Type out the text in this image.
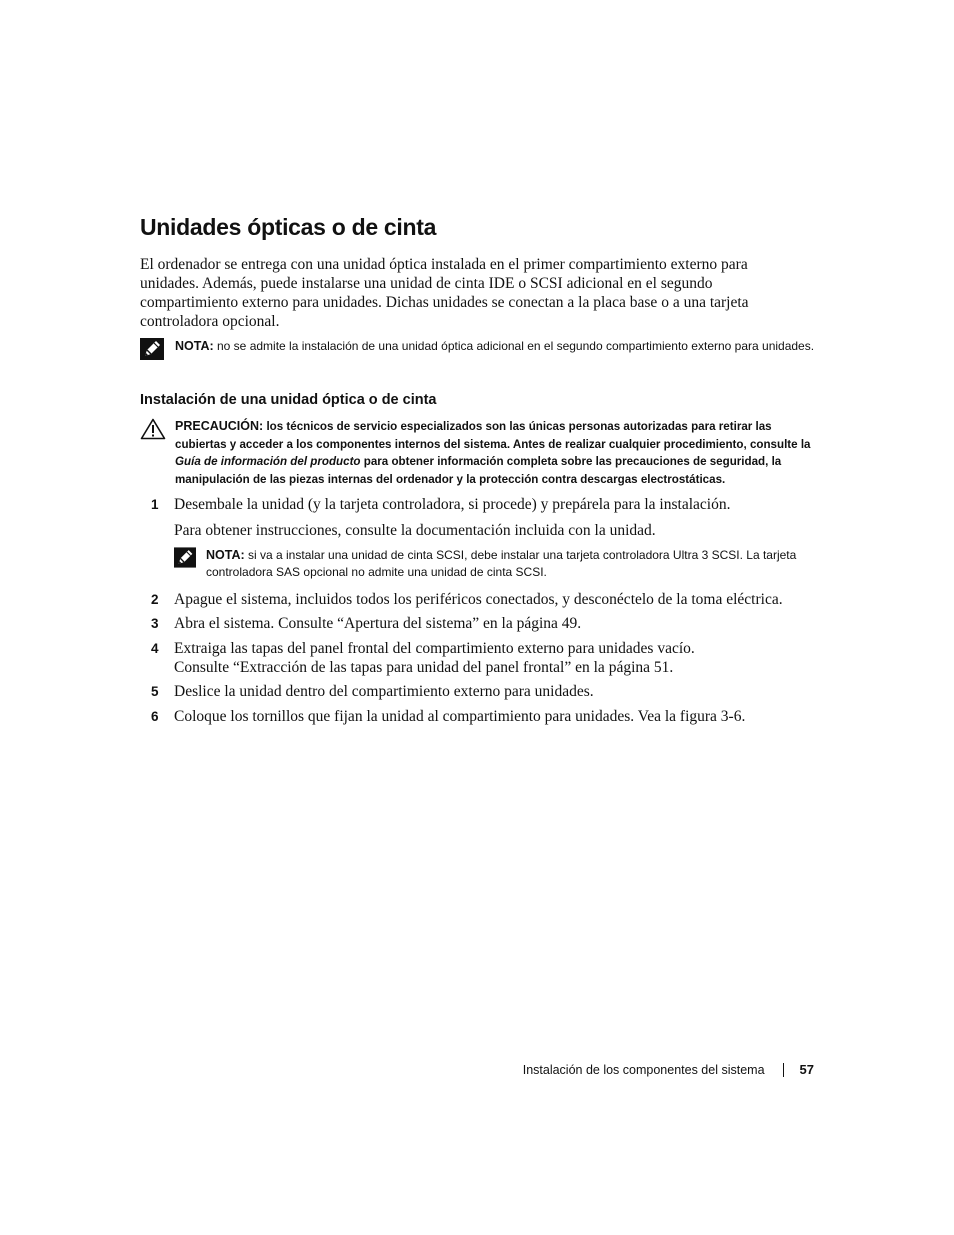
Unidades ópticas o de cinta

El ordenador se entrega con una unidad óptica instalada en el primer compartimiento externo para unidades. Además, puede instalarse una unidad de cinta IDE o SCSI adicional en el segundo compartimiento externo para unidades. Dichas unidades se conectan a la placa base o a una tarjeta controladora opcional.

NOTA: no se admite la instalación de una unidad óptica adicional en el segundo compartimiento externo para unidades.

Instalación de una unidad óptica o de cinta

PRECAUCIÓN: los técnicos de servicio especializados son las únicas personas autorizadas para retirar las cubiertas y acceder a los componentes internos del sistema. Antes de realizar cualquier procedimiento, consulte la Guía de información del producto para obtener información completa sobre las precauciones de seguridad, la manipulación de las piezas internas del ordenador y la protección contra descargas electrostáticas.

1 Desembale la unidad (y la tarjeta controladora, si procede) y prepárela para la instalación.

Para obtener instrucciones, consulte la documentación incluida con la unidad.

NOTA: si va a instalar una unidad de cinta SCSI, debe instalar una tarjeta controladora Ultra 3 SCSI. La tarjeta controladora SAS opcional no admite una unidad de cinta SCSI.

2 Apague el sistema, incluidos todos los periféricos conectados, y desconéctelo de la toma eléctrica.

3 Abra el sistema. Consulte “Apertura del sistema” en la página 49.

4 Extraiga las tapas del panel frontal del compartimiento externo para unidades vacío.
Consulte “Extracción de las tapas para unidad del panel frontal” en la página 51.

5 Deslice la unidad dentro del compartimiento externo para unidades.

6 Coloque los tornillos que fijan la unidad al compartimiento para unidades. Vea la figura 3-6.

Instalación de los componentes del sistema	57
